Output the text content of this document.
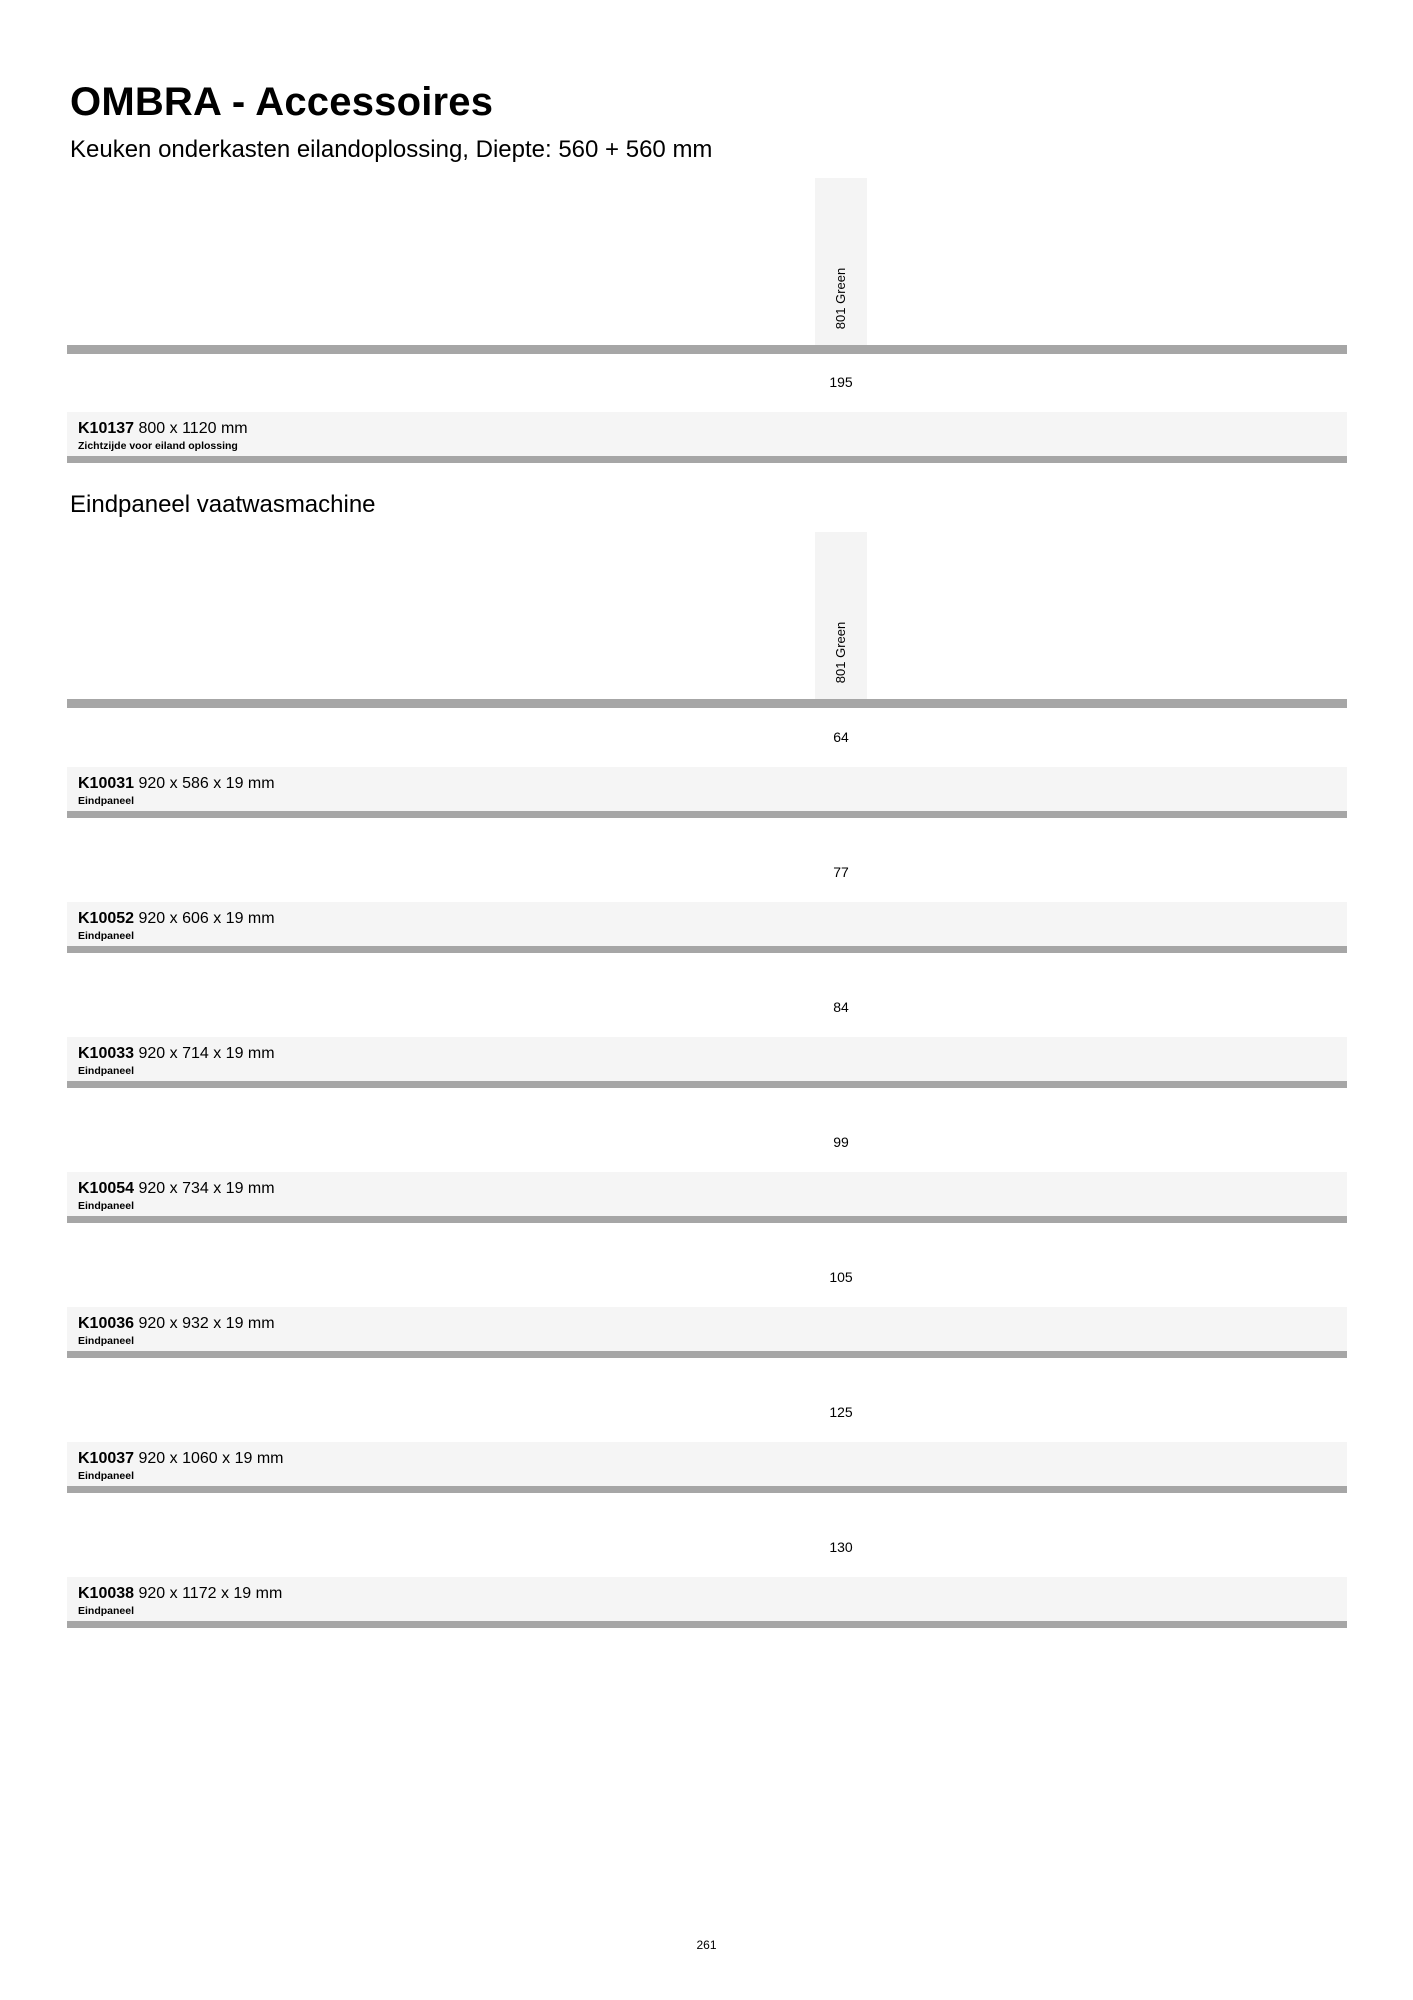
OMBRA - Accessoires
Keuken onderkasten eilandoplossing, Diepte: 560 + 560 mm
801 Green
195
K10137 800 x 1120 mm
Zichtzijde voor eiland oplossing
Eindpaneel vaatwasmachine
801 Green
64
K10031 920 x 586 x 19 mm
Eindpaneel
77
K10052 920 x 606 x 19 mm
Eindpaneel
84
K10033 920 x 714 x 19 mm
Eindpaneel
99
K10054 920 x 734 x 19 mm
Eindpaneel
105
K10036 920 x 932 x 19 mm
Eindpaneel
125
K10037 920 x 1060 x 19 mm
Eindpaneel
130
K10038 920 x 1172 x 19 mm
Eindpaneel
261
